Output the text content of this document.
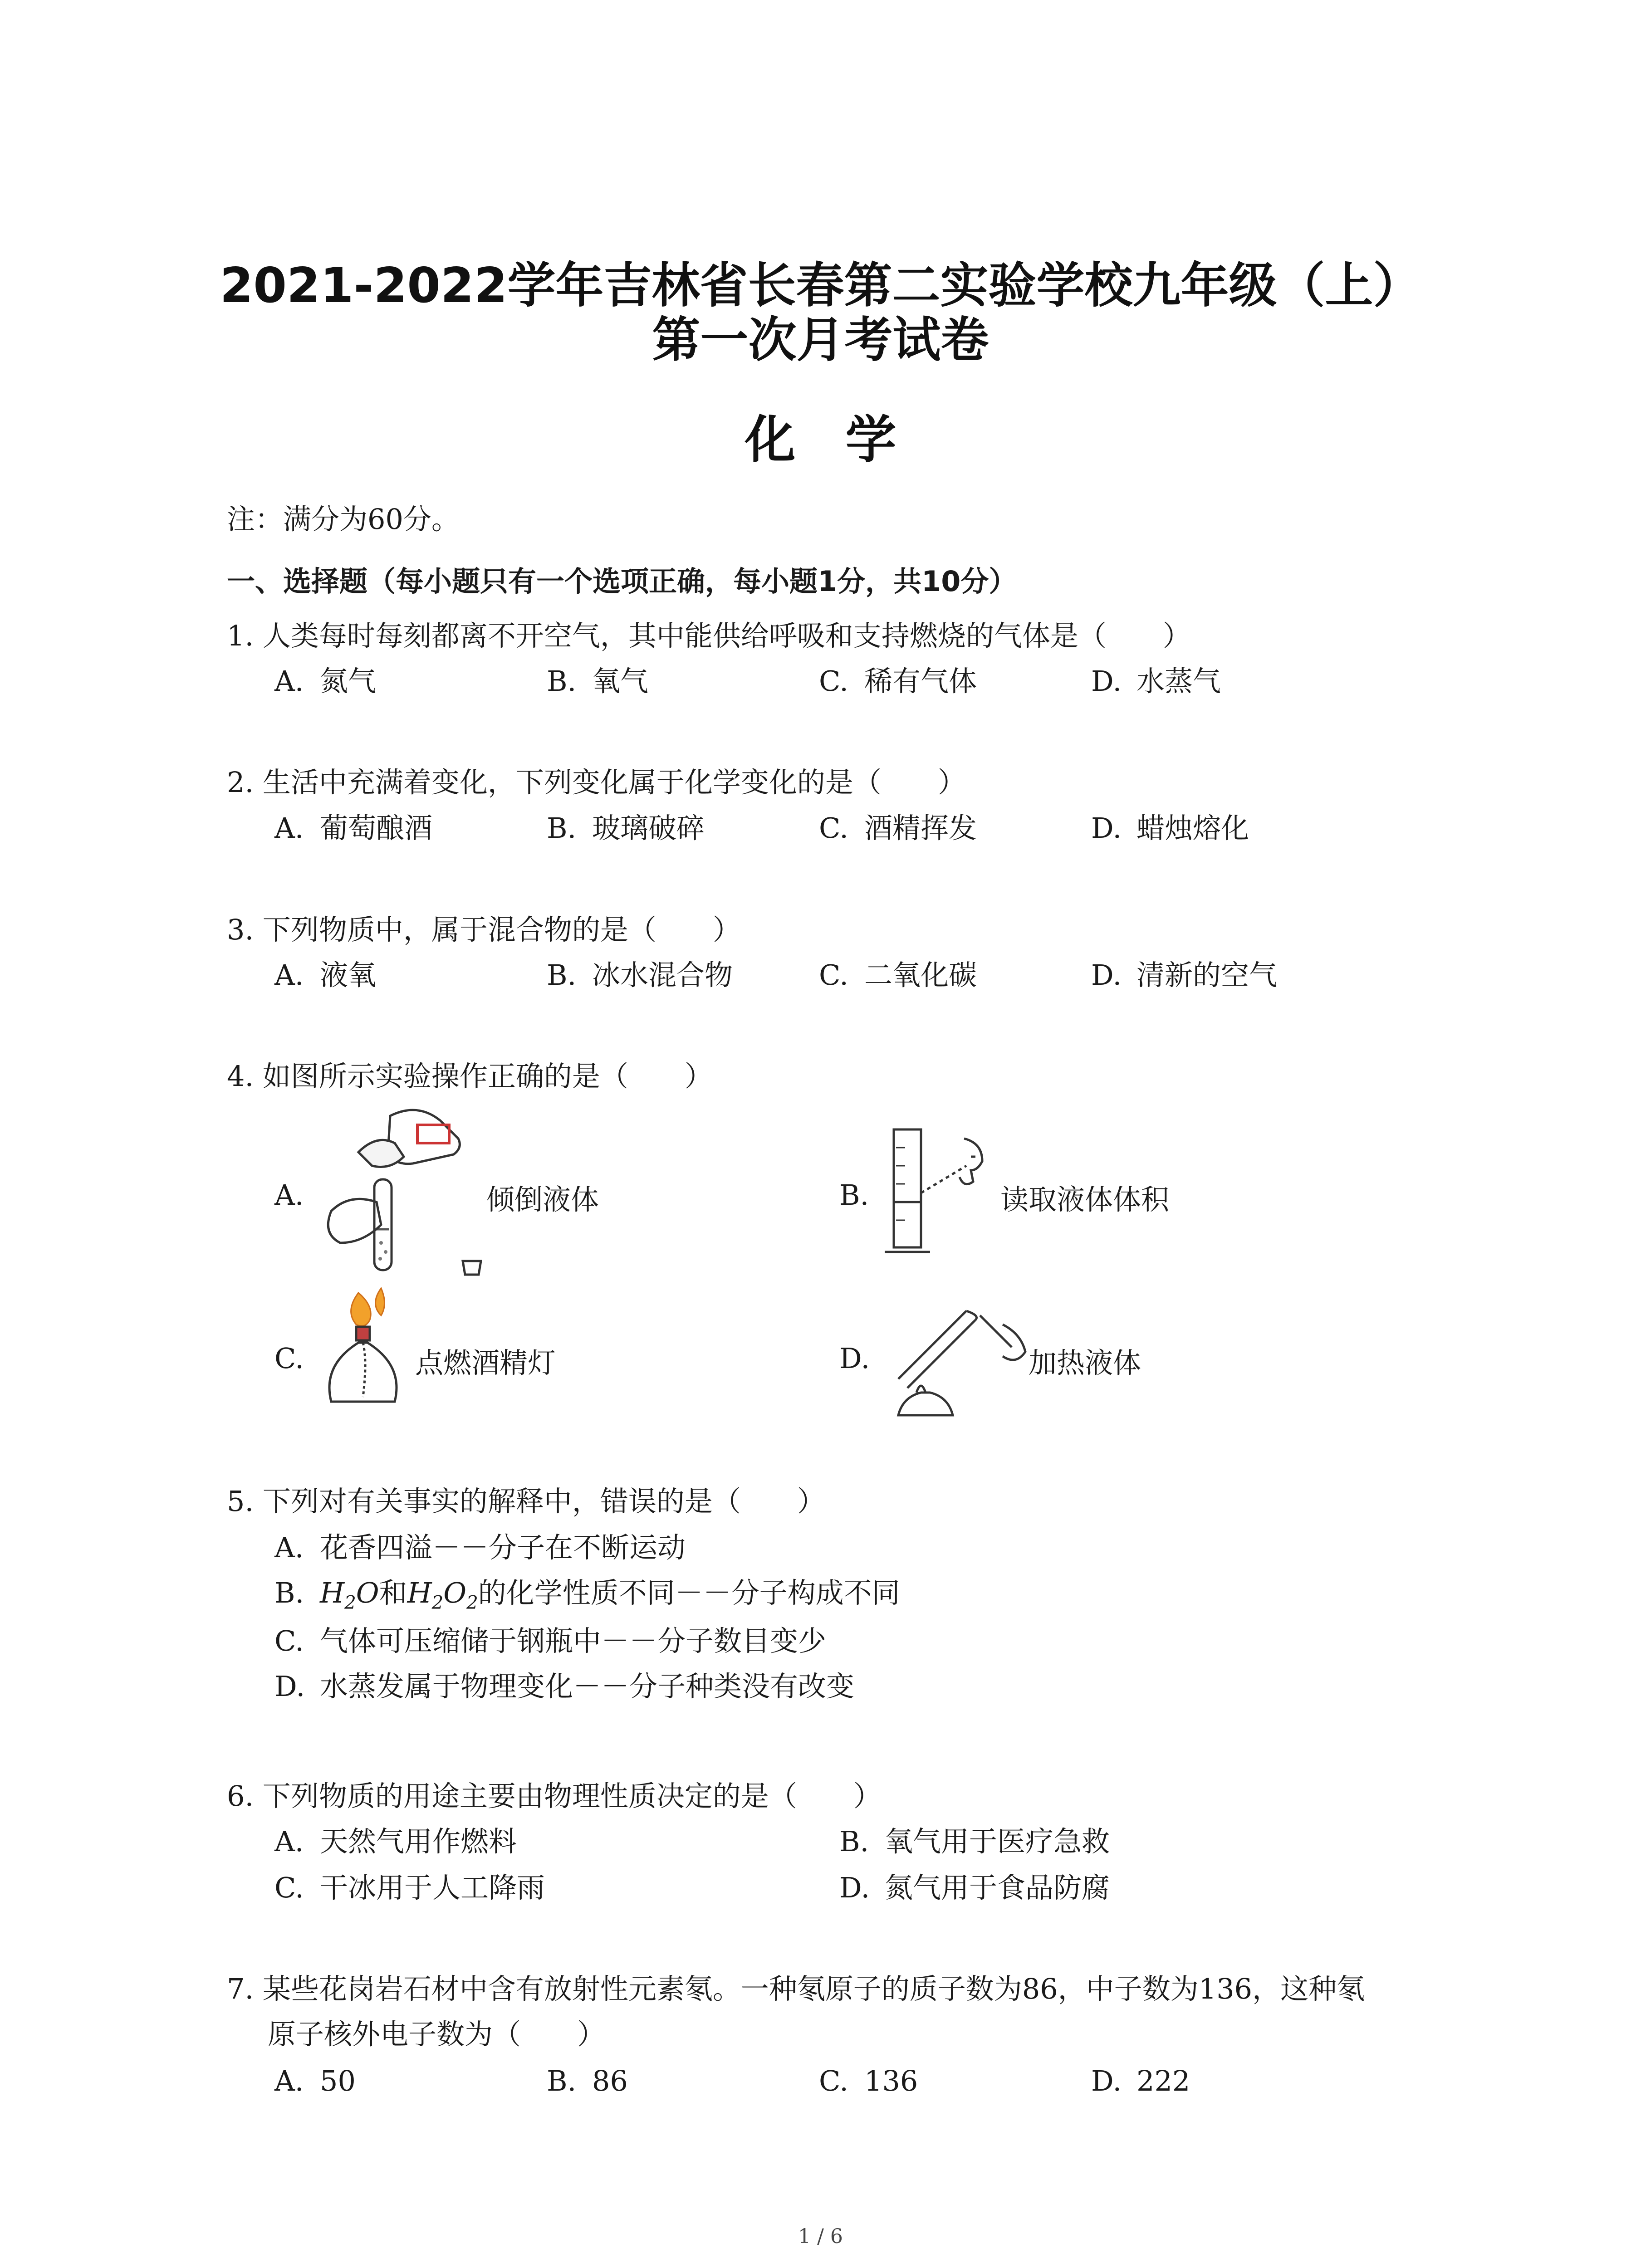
2021-2022学年吉林省长春第二实验学校九年级（上）
第一次月考试卷
化学
注：满分为60分。
一、选择题（每小题只有一个选项正确，每小题1分，共10分）
1. 人类每时每刻都离不开空气，其中能供给呼吸和支持燃烧的气体是（　　）
A. 氮气	B. 氧气	C. 稀有气体	D. 水蒸气
2. 生活中充满着变化，下列变化属于化学变化的是（　　）
A. 葡萄酿酒	B. 玻璃破碎	C. 酒精挥发	D. 蜡烛熔化
3. 下列物质中，属于混合物的是（　　）
A. 液氧	B. 冰水混合物	C. 二氧化碳	D. 清新的空气
4. 如图所示实验操作正确的是（　　）
A.	倾倒液体	B.	读取液体体积
C.	点燃酒精灯	D.	加热液体
5. 下列对有关事实的解释中，错误的是（　　）
A. 花香四溢－－分子在不断运动
B. $H_2O$和$H_2O_2$的化学性质不同－－分子构成不同
C. 气体可压缩储于钢瓶中－－分子数目变少
D. 水蒸发属于物理变化－－分子种类没有改变
6. 下列物质的用途主要由物理性质决定的是（　　）
A. 天然气用作燃料	B. 氧气用于医疗急救
C. 干冰用于人工降雨	D. 氮气用于食品防腐
7. 某些花岗岩石材中含有放射性元素氡。一种氡原子的质子数为86，中子数为136，这种氡
原子核外电子数为（　　）
A. 50	B. 86	C. 136	D. 222
1 / 6
